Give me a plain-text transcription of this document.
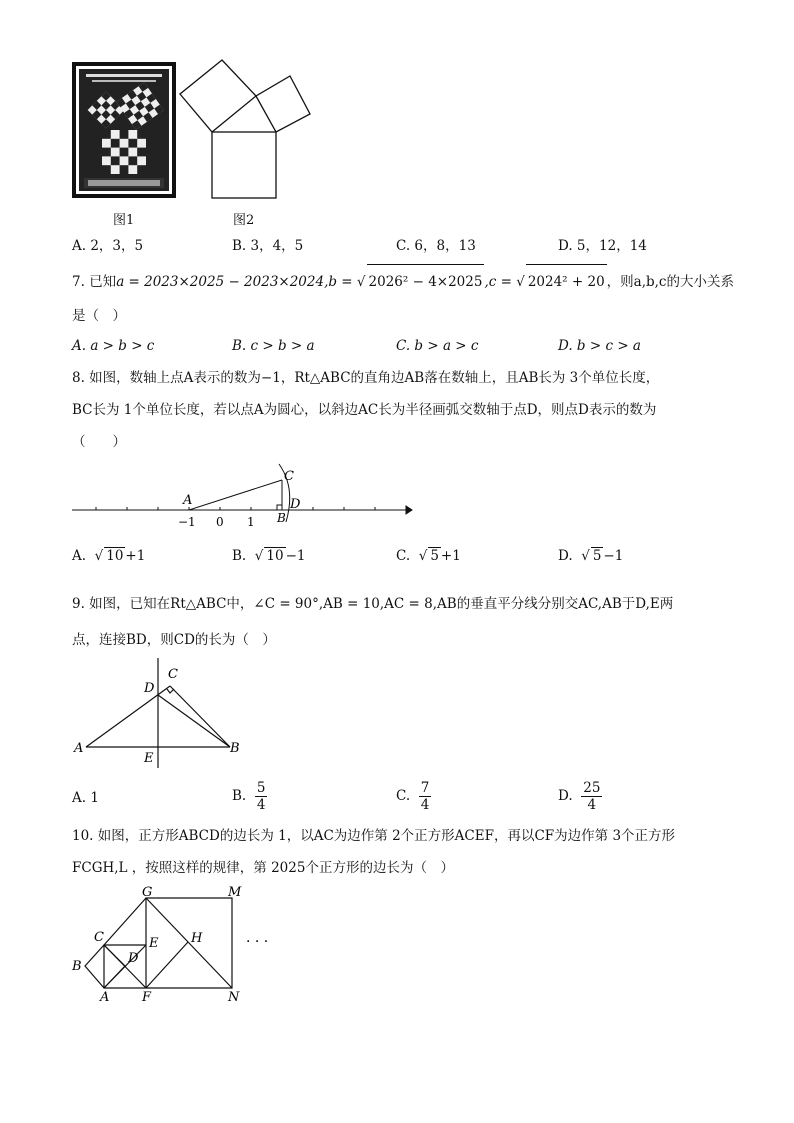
图1	图2
A. 2，3，5	B. 3，4，5	C. 6，8，13	D. 5，12，14
7. 已知a = 2023×2025 − 2023×2024,b = √ 2026² − 4×2025 ,c = √ 2024² + 20 ，则a,b,c的大小关系
是（　）
A. a > b > c	B. c > b > a	C. b > a > c	D. b > c > a
8. 如图，数轴上点A表示的数为−1，Rt△ABC的直角边AB落在数轴上，且AB长为 3个单位长度，
BC长为 1个单位长度，若以点A为圆心，以斜边AC长为半径画弧交数轴于点D，则点D表示的数为
（　　）
A
C
D
B
−1 0 1
A.  √ 10 +1	B.  √ 10 −1	C.  √ 5 +1	D.  √ 5 −1
9. 如图，已知在Rt△ABC中，∠C = 90°,AB = 10,AC = 8,AB的垂直平分线分别交AC,AB于D,E两
点，连接BD，则CD的长为（　）
C
D
A	B
E
A. 1	B. $\frac{5}{4}$	C. $\frac{7}{4}$	D. $\frac{25}{4}$
10. 如图，正方形ABCD的边长为 1，以AC为边作第 2个正方形ACEF，再以CF为边作第 3个正方形
FCGH,L ，按照这样的规律，第 2025个正方形的边长为（　）
G	M
C	E	H
B
D
A	F	N
· · ·
